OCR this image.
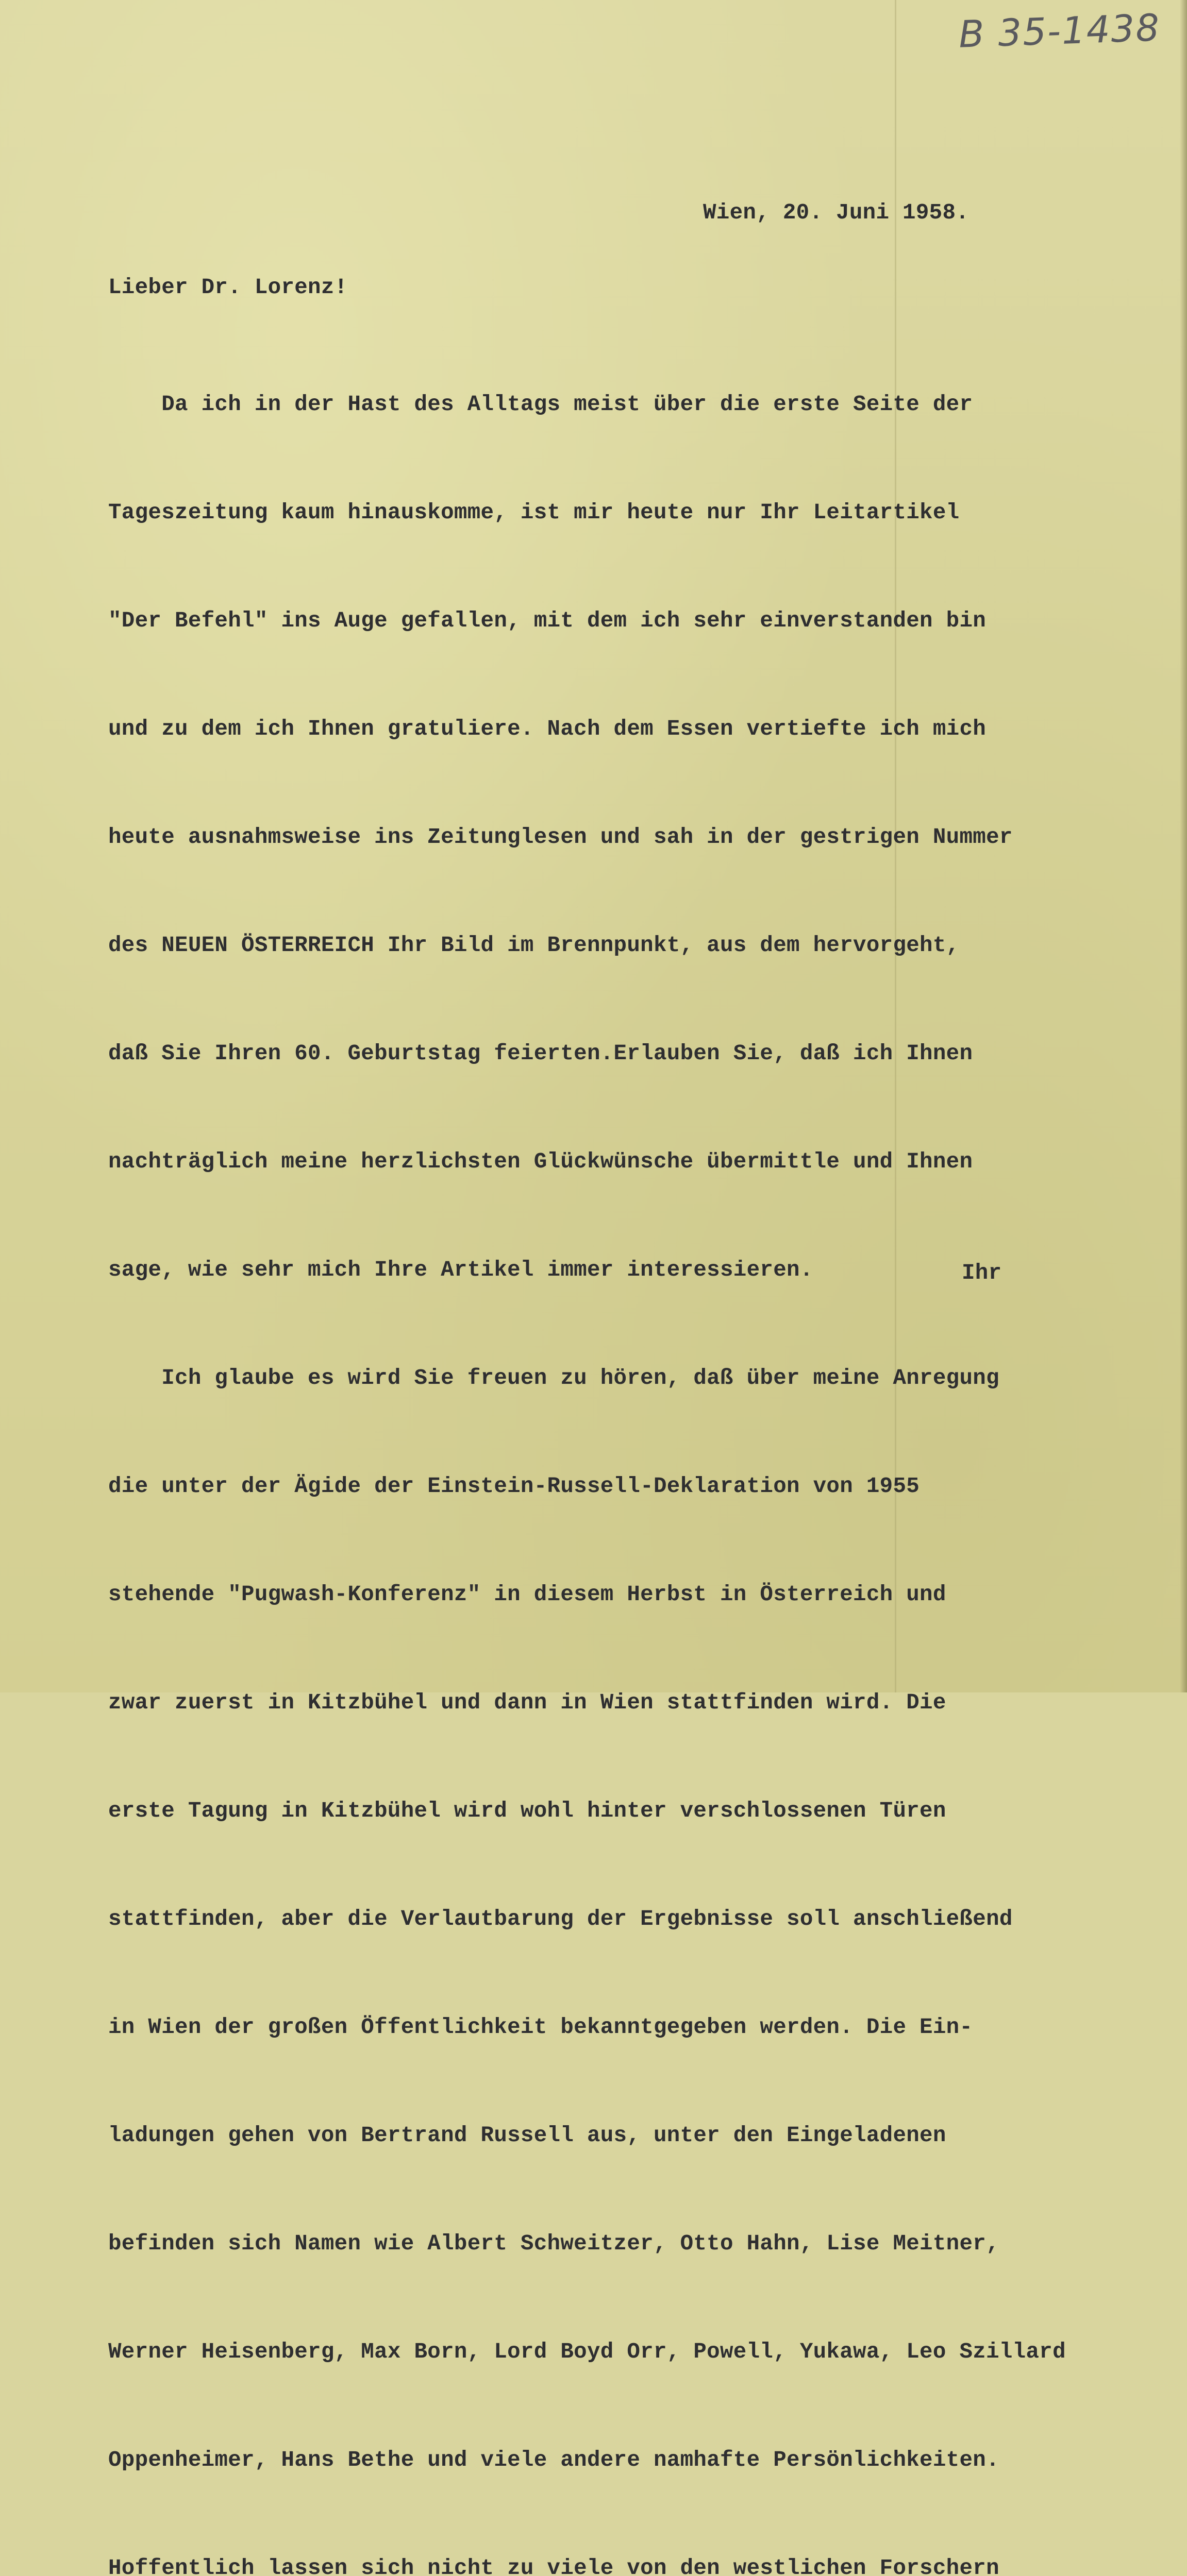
B 35-1438
Wien, 20. Juni 1958.
Lieber Dr. Lorenz!

Da ich in der Hast des Alltags meist über die erste Seite der

Tageszeitung kaum hinauskomme, ist mir heute nur Ihr Leitartikel

"Der Befehl" ins Auge gefallen, mit dem ich sehr einverstanden bin

und zu dem ich Ihnen gratuliere. Nach dem Essen vertiefte ich mich

heute ausnahmsweise ins Zeitunglesen und sah in der gestrigen Nummer

des NEUEN ÖSTERREICH Ihr Bild im Brennpunkt, aus dem hervorgeht,

daß Sie Ihren 60. Geburtstag feierten.Erlauben Sie, daß ich Ihnen

nachträglich meine herzlichsten Glückwünsche übermittle und Ihnen

sage, wie sehr mich Ihre Artikel immer interessieren.

Ich glaube es wird Sie freuen zu hören, daß über meine Anregung

die unter der Ägide der Einstein-Russell-Deklaration von 1955

stehende "Pugwash-Konferenz" in diesem Herbst in Österreich und

zwar zuerst in Kitzbühel und dann in Wien stattfinden wird. Die

erste Tagung in Kitzbühel wird wohl hinter verschlossenen Türen

stattfinden, aber die Verlautbarung der Ergebnisse soll anschließend

in Wien der großen Öffentlichkeit bekanntgegeben werden. Die Ein-

ladungen gehen von Bertrand Russell aus, unter den Eingeladenen

befinden sich Namen wie Albert Schweitzer, Otto Hahn, Lise Meitner,

Werner Heisenberg, Max Born, Lord Boyd Orr, Powell, Yukawa, Leo Szillard

Oppenheimer, Hans Bethe und viele andere namhafte Persönlichkeiten.

Hoffentlich lassen sich nicht zu viele von den westlichen Forschern

Ihr
